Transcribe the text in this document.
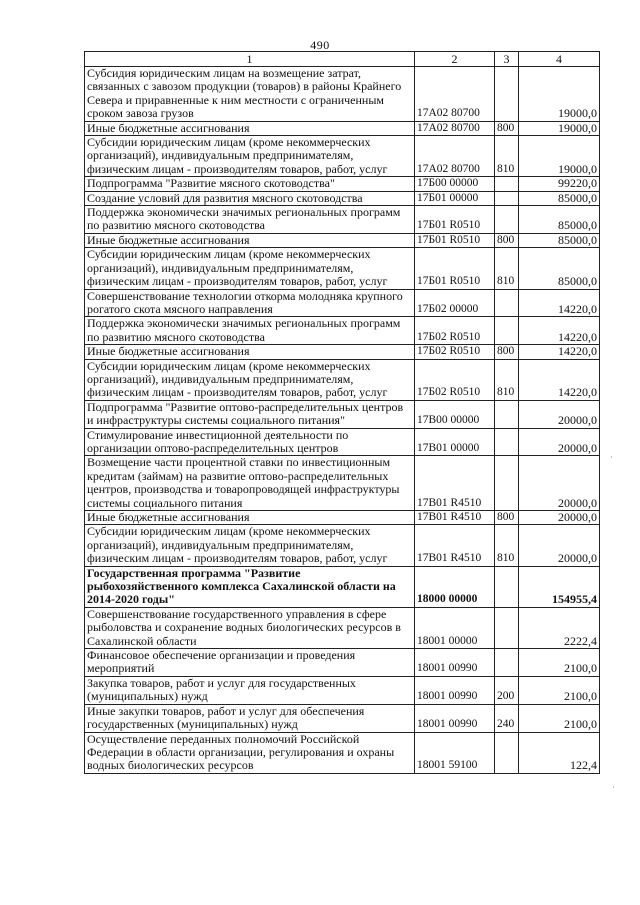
490
1	2	3	4
Субсидия юридическим лицам на возмещение затрат, связанных с завозом продукции (товаров) в районы Крайнего Севера и приравненные к ним местности с ограниченным сроком завоза грузов	17А02 80700		19000,0
Иные бюджетные ассигнования	17А02 80700	800	19000,0
Субсидии юридическим лицам (кроме некоммерческих организаций), индивидуальным предпринимателям, физическим лицам - производителям товаров, работ, услуг	17А02 80700	810	19000,0
Подпрограмма "Развитие мясного скотоводства"	17Б00 00000		99220,0
Создание условий для развития мясного скотоводства	17Б01 00000		85000,0
Поддержка экономически значимых региональных программ по развитию мясного скотоводства	17Б01 R0510		85000,0
Иные бюджетные ассигнования	17Б01 R0510	800	85000,0
Субсидии юридическим лицам (кроме некоммерческих организаций), индивидуальным предпринимателям, физическим лицам - производителям товаров, работ, услуг	17Б01 R0510	810	85000,0
Совершенствование технологии откорма молодняка крупного рогатого скота мясного направления	17Б02 00000		14220,0
Поддержка экономически значимых региональных программ по развитию мясного скотоводства	17Б02 R0510		14220,0
Иные бюджетные ассигнования	17Б02 R0510	800	14220,0
Субсидии юридическим лицам (кроме некоммерческих организаций), индивидуальным предпринимателям, физическим лицам - производителям товаров, работ, услуг	17Б02 R0510	810	14220,0
Подпрограмма "Развитие оптово-распределительных центров и инфраструктуры системы социального питания"	17В00 00000		20000,0
Стимулирование инвестиционной деятельности по организации оптово-распределительных центров	17В01 00000		20000,0
Возмещение части процентной ставки по инвестиционным кредитам (займам) на развитие оптово-распределительных центров, производства и товаропроводящей инфраструктуры системы социального питания	17В01 R4510		20000,0
Иные бюджетные ассигнования	17В01 R4510	800	20000,0
Субсидии юридическим лицам (кроме некоммерческих организаций), индивидуальным предпринимателям, физическим лицам - производителям товаров, работ, услуг	17В01 R4510	810	20000,0
Государственная программа "Развитие рыбохозяйственного комплекса Сахалинской области на 2014-2020 годы"	18000 00000		154955,4
Совершенствование государственного управления в сфере рыболовства и сохранение водных биологических ресурсов в Сахалинской области	18001 00000		2222,4
Финансовое обеспечение организации и проведения мероприятий	18001 00990		2100,0
Закупка товаров, работ и услуг для государственных (муниципальных) нужд	18001 00990	200	2100,0
Иные закупки товаров, работ и услуг для обеспечения государственных (муниципальных) нужд	18001 00990	240	2100,0
Осуществление переданных полномочий Российской Федерации в области организации, регулирования и охраны водных биологических ресурсов	18001 59100		122,4
·
·
